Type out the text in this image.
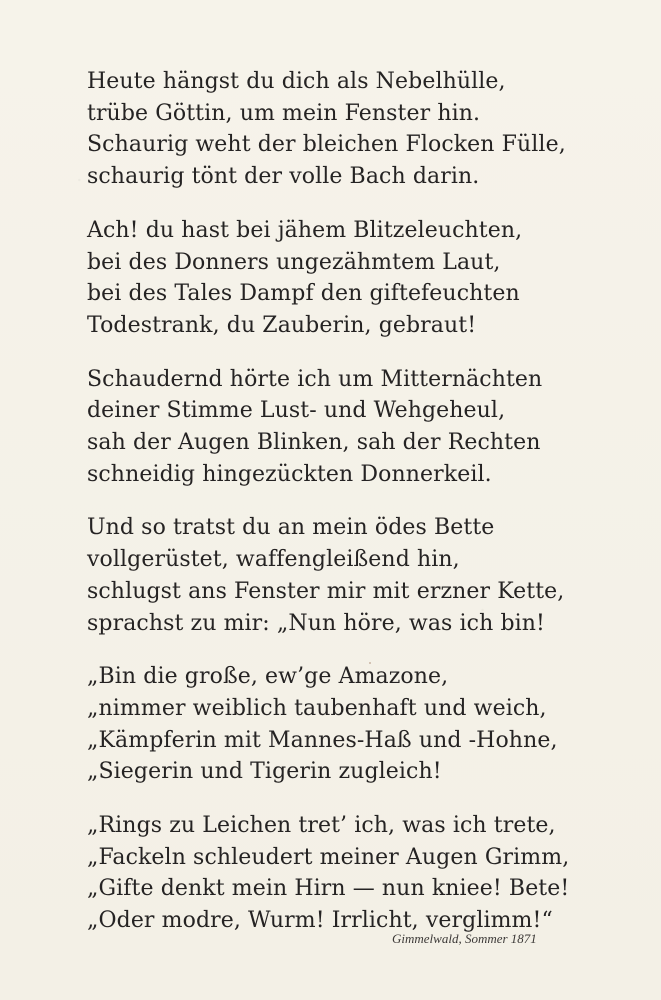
Heute hängst du dich als Nebelhülle,
trübe Göttin, um mein Fenster hin.
Schaurig weht der bleichen Flocken Fülle,
schaurig tönt der volle Bach darin.
Ach! du hast bei jähem Blitzeleuchten,
bei des Donners ungezähmtem Laut,
bei des Tales Dampf den giftefeuchten
Todestrank, du Zauberin, gebraut!
Schaudernd hörte ich um Mitternächten
deiner Stimme Lust- und Wehgeheul,
sah der Augen Blinken, sah der Rechten
schneidig hingezückten Donnerkeil.
Und so tratst du an mein ödes Bette
vollgerüstet, waffengleißend hin,
schlugst ans Fenster mir mit erzner Kette,
sprachst zu mir: „Nun höre, was ich bin!
„Bin die große, ew’ge Amazone,
„nimmer weiblich taubenhaft und weich,
„Kämpferin mit Mannes-Haß und -Hohne,
„Siegerin und Tigerin zugleich!
„Rings zu Leichen tret’ ich, was ich trete,
„Fackeln schleudert meiner Augen Grimm,
„Gifte denkt mein Hirn — nun kniee! Bete!
„Oder modre, Wurm! Irrlicht, verglimm!“
Gimmelwald, Sommer 1871
